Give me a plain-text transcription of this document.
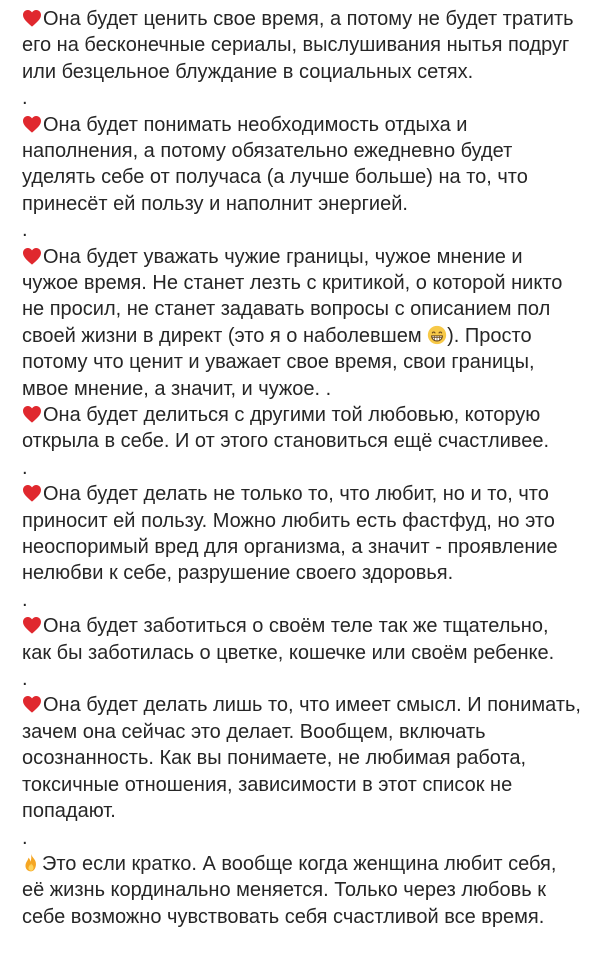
Она будет ценить свое время, а потому не будет тратить его на бесконечные сериалы, выслушивания нытья подруг или безцельное блуждание в социальных сетях.
.
Она будет понимать необходимость отдыха и наполнения, а потому обязательно ежедневно будет уделять себе от получаса (а лучше больше) на то, что принесёт ей пользу и наполнит энергией.
.
Она будет уважать чужие границы, чужое мнение и чужое время. Не станет лезть с критикой, о которой никто не просил, не станет задавать вопросы с описанием пол своей жизни в директ (это я о наболевшем ). Просто потому что ценит и уважает свое время, свои границы, мвое мнение, а значит, и чужое. .
Она будет делиться с другими той любовью, которую открыла в себе. И от этого становиться ещё счастливее.
.
Она будет делать не только то, что любит, но и то, что приносит ей пользу. Можно любить есть фастфуд, но это неоспоримый вред для организма, а значит - проявление нелюбви к себе, разрушение своего здоровья.
.
Она будет заботиться о своём теле так же тщательно, как бы заботилась о цветке, кошечке или своём ребенке.
.
Она будет делать лишь то, что имеет смысл. И понимать, зачем она сейчас это делает. Вообщем, включать осознанность. Как вы понимаете, не любимая работа, токсичные отношения, зависимости в этот список не попадают.
.
Это если кратко. А вообще когда женщина любит себя, её жизнь кординально меняется. Только через любовь к себе возможно чувствовать себя счастливой все время.
